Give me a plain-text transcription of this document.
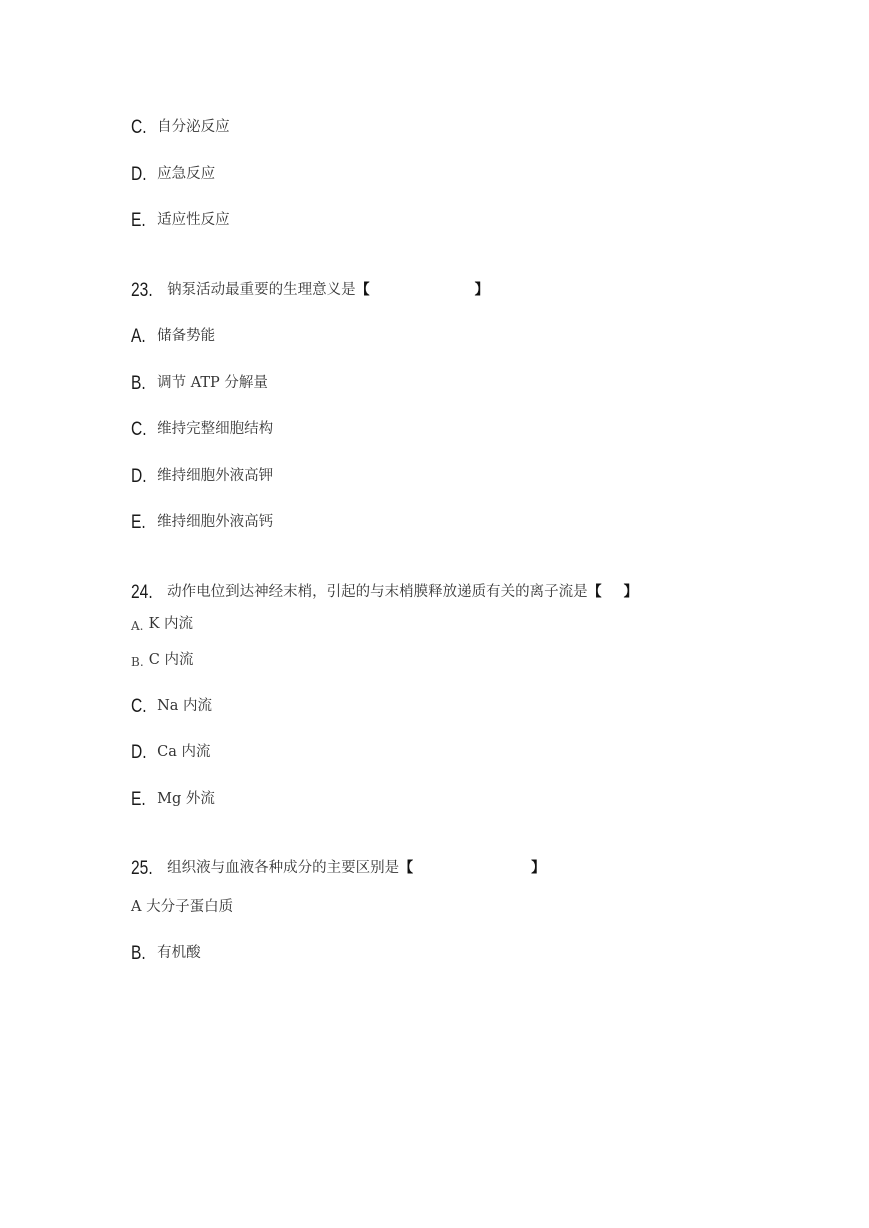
C. 自分泌反应
D. 应急反应
E. 适应性反应
23. 钠泵活动最重要的生理意义是【	】
A. 储备势能
B. 调节 ATP 分解量
C. 维持完整细胞结构
D. 维持细胞外液高钾
E. 维持细胞外液高钙
24. 动作电位到达神经末梢，引起的与末梢膜释放递质有关的离子流是【 】
A. K 内流
B. C 内流
C. Na 内流
D. Ca 内流
E. Mg 外流
25. 组织液与血液各种成分的主要区别是【	】
A 大分子蛋白质
B. 有机酸
